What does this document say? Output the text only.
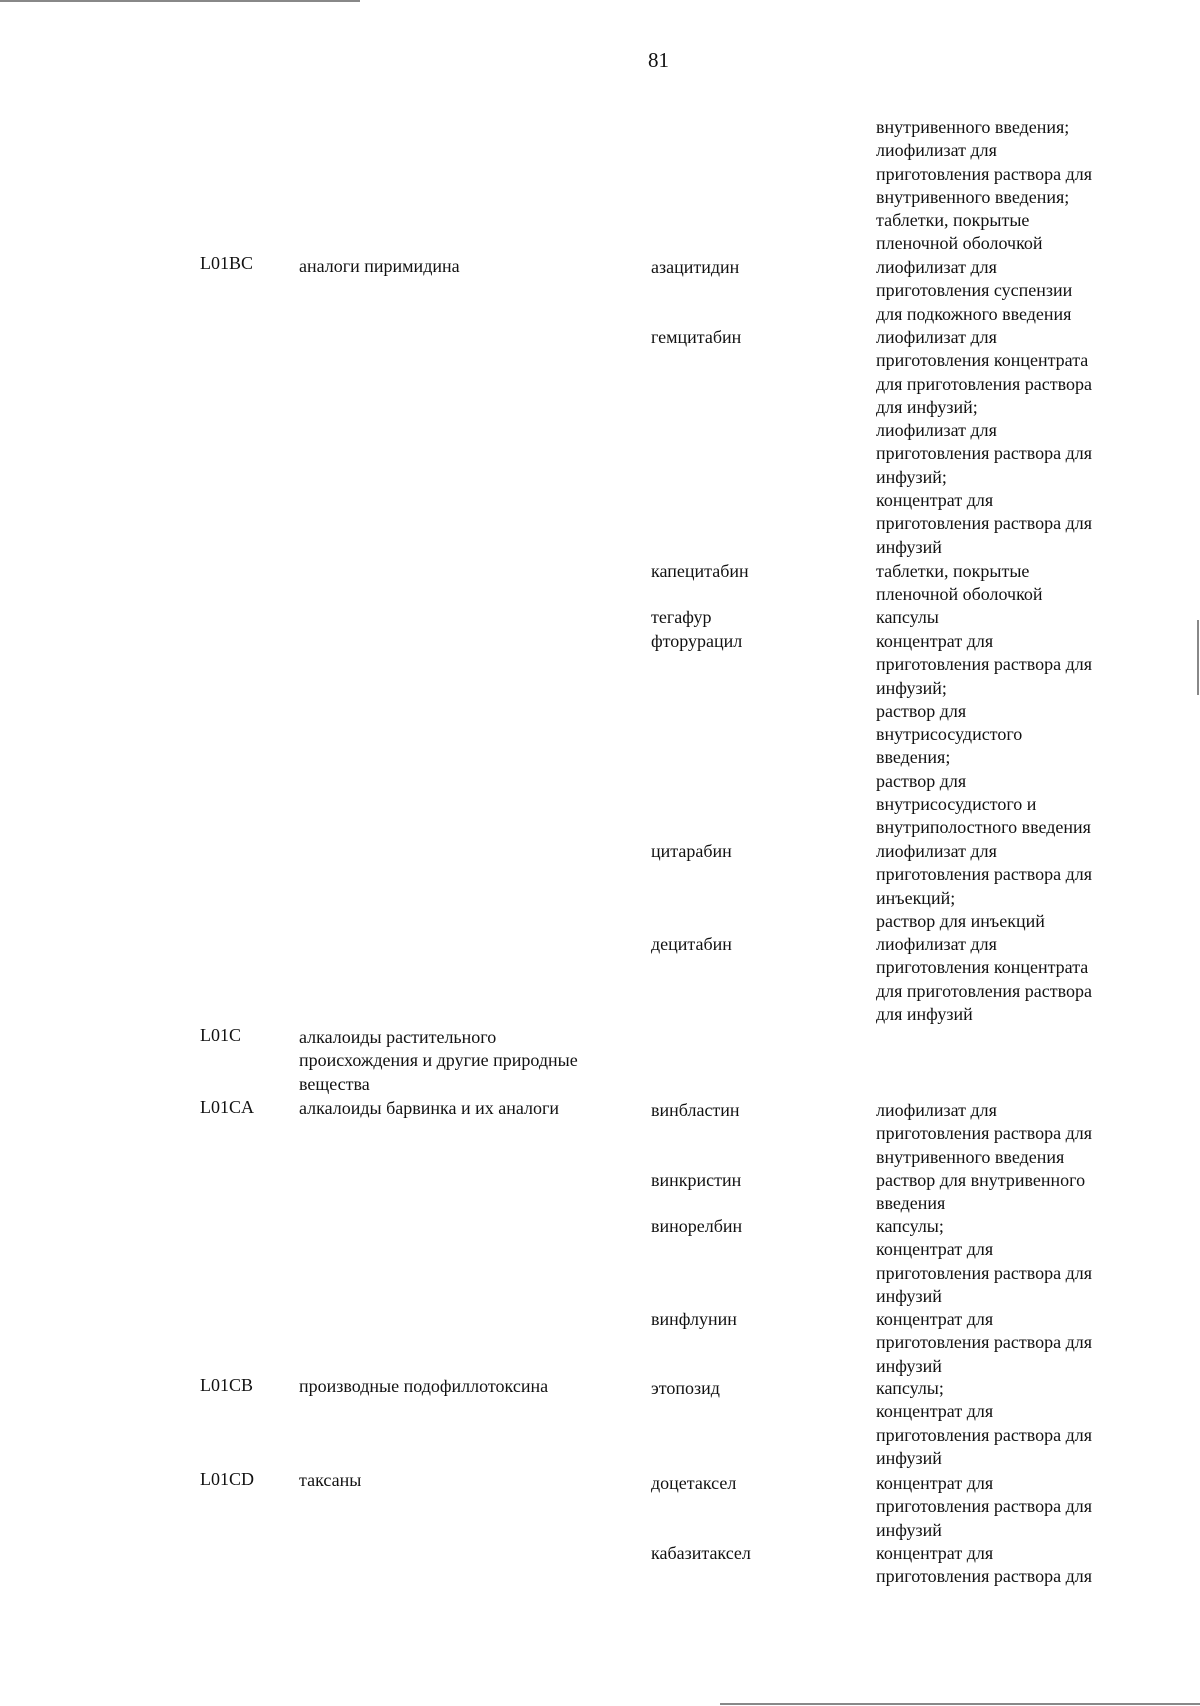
81
внутривенного введения;
лиофилизат для
приготовления раствора для
внутривенного введения;
таблетки, покрытые
пленочной оболочкой
L01BC	аналоги пиримидина	азацитидин	лиофилизат для
приготовления суспензии
для подкожного введения
гемцитабин	лиофилизат для
приготовления концентрата
для приготовления раствора
для инфузий;
лиофилизат для
приготовления раствора для
инфузий;
концентрат для
приготовления раствора для
инфузий
капецитабин	таблетки, покрытые
пленочной оболочкой
тегафур	капсулы
фторурацил	концентрат для
приготовления раствора для
инфузий;
раствор для
внутрисосудистого
введения;
раствор для
внутрисосудистого и
внутриполостного введения
цитарабин	лиофилизат для
приготовления раствора для
инъекций;
раствор для инъекций
децитабин	лиофилизат для
приготовления концентрата
для приготовления раствора
для инфузий
L01C	алкалоиды растительного
происхождения и другие природные
вещества
L01CA	алкалоиды барвинка и их аналоги	винбластин	лиофилизат для
приготовления раствора для
внутривенного введения
винкристин	раствор для внутривенного
введения
винорелбин	капсулы;
концентрат для
приготовления раствора для
инфузий
винфлунин	концентрат для
приготовления раствора для
инфузий
L01CB	производные подофиллотоксина	этопозид	капсулы;
концентрат для
приготовления раствора для
инфузий
L01CD	таксаны	доцетаксел	концентрат для
приготовления раствора для
инфузий
кабазитаксел	концентрат для
приготовления раствора для
